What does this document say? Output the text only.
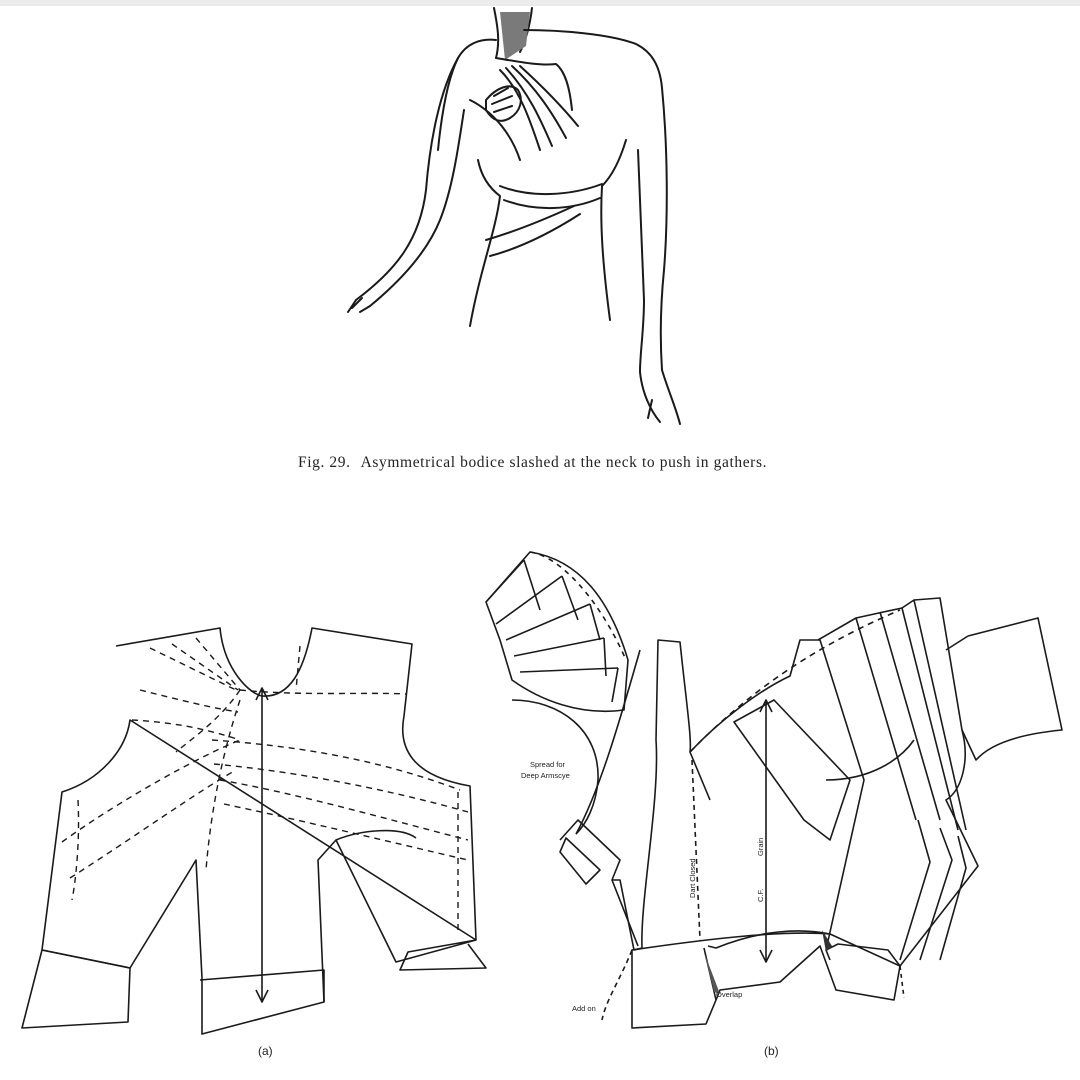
Fig. 29. Asymmetrical bodice slashed at the neck to push in gathers.
(a)	(b)
Spread for
Deep Armscye
Dart Closed	C.F.
Grain
Add on
Overlap
